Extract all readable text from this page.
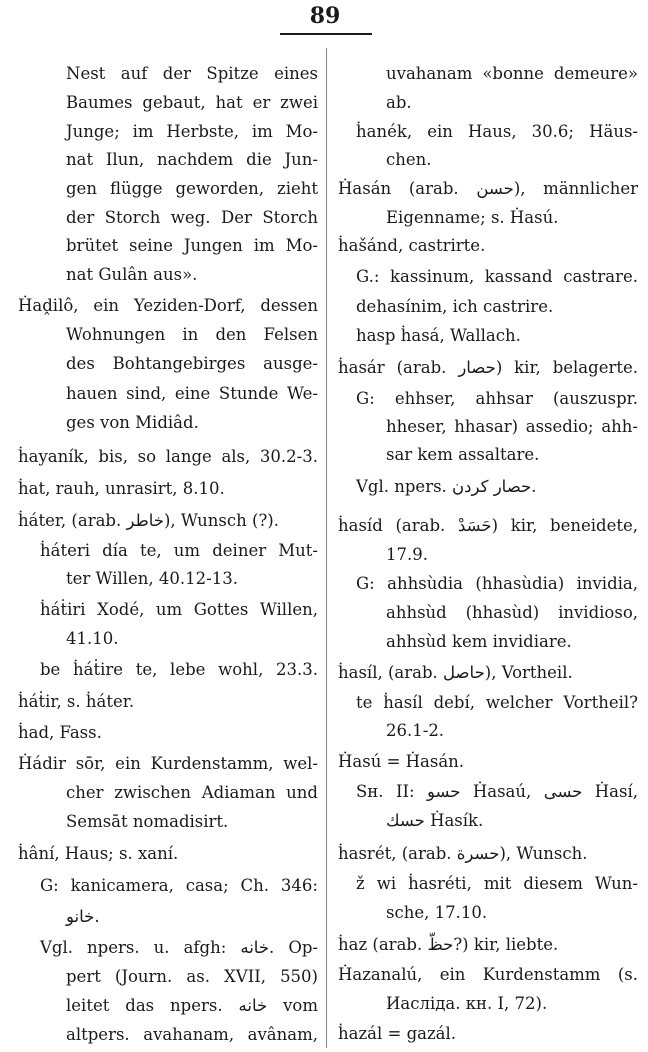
89
Nest auf der Spitze eines
Baumes gebaut, hat er zwei
Junge; im Herbste, im Mo-
nat Ilun, nachdem die Jun-
gen flügge geworden, zieht
der Storch weg. Der Storch
brütet seine Jungen im Mo-
nat Gulân aus».
Ḣaḓilô, ein Yeziden-Dorf, dessen
Wohnungen in den Felsen
des Bohtangebirges ausge-
hauen sind, eine Stunde We-
ges von Midiâd.
ḣayaník, bis, so lange als, 30.2-3.
ḣat, rauh, unrasirt, 8.10.
ḣáter, (arab. خاطر), Wunsch (?).
ḣáteri día te, um deiner Mut-
ter Willen, 40.12-13.
ḣáṫiri Xodé, um Gottes Willen,
41.10.
be ḣáṫire te, lebe wohl, 23.3.
ḣáṫir, s. ḣáter.
ḣad, Fass.
Ḣádir sōr, ein Kurdenstamm, wel-
cher zwischen Adiaman und
Semsāt nomadisirt.
ḣâní, Haus; s. xaní.
G: kanicamera, casa; Ch. 346:
خانو.
Vgl. npers. u. afgh: خانه. Op-
pert (Journ. as. XVII, 550)
leitet das npers. خانه vom
altpers. avahanam, avânam,
uvahanam «bonne demeure»
ab.
ḣanék, ein Haus, 30.6; Häus-
chen.
Ḣasán (arab. حسن), männlicher
Eigenname; s. Ḣasú.
ḣašánd, castrirte.
G.: kassinum, kassand castrare.
dehasínim, ich castrire.
hasp ḣasá, Wallach.
ḣasár (arab. حصار) kir, belagerte.
G: ehhser, ahhsar (auszuspr.
hheser, hhasar) assedio; ahh-
sar kem assaltare.
Vgl. npers. حصار كردن.
ḣasíd (arab. حَسَدْ) kir, beneidete,
17.9.
G: ahhsùdia (hhasùdia) invidia,
ahhsùd (hhasùd) invidioso,
ahhsùd kem invidiare.
ḣasíl, (arab. حاصل), Vortheil.
te ḣasíl debí, welcher Vortheil?
26.1-2.
Ḣasú = Ḣasán.
Sн. II: حسو Ḣasaú, حسى Ḣasí,
حسك Ḣasík.
ḣasrét, (arab. حسرة), Wunsch.
ž wi ḣasréti, mit diesem Wun-
sche, 17.10.
ḣaz (arab. حظّ?) kir, liebte.
Ḣazanalú, ein Kurdenstamm (s.
Иасліда. кн. I, 72).
ḣazál = gazál.
